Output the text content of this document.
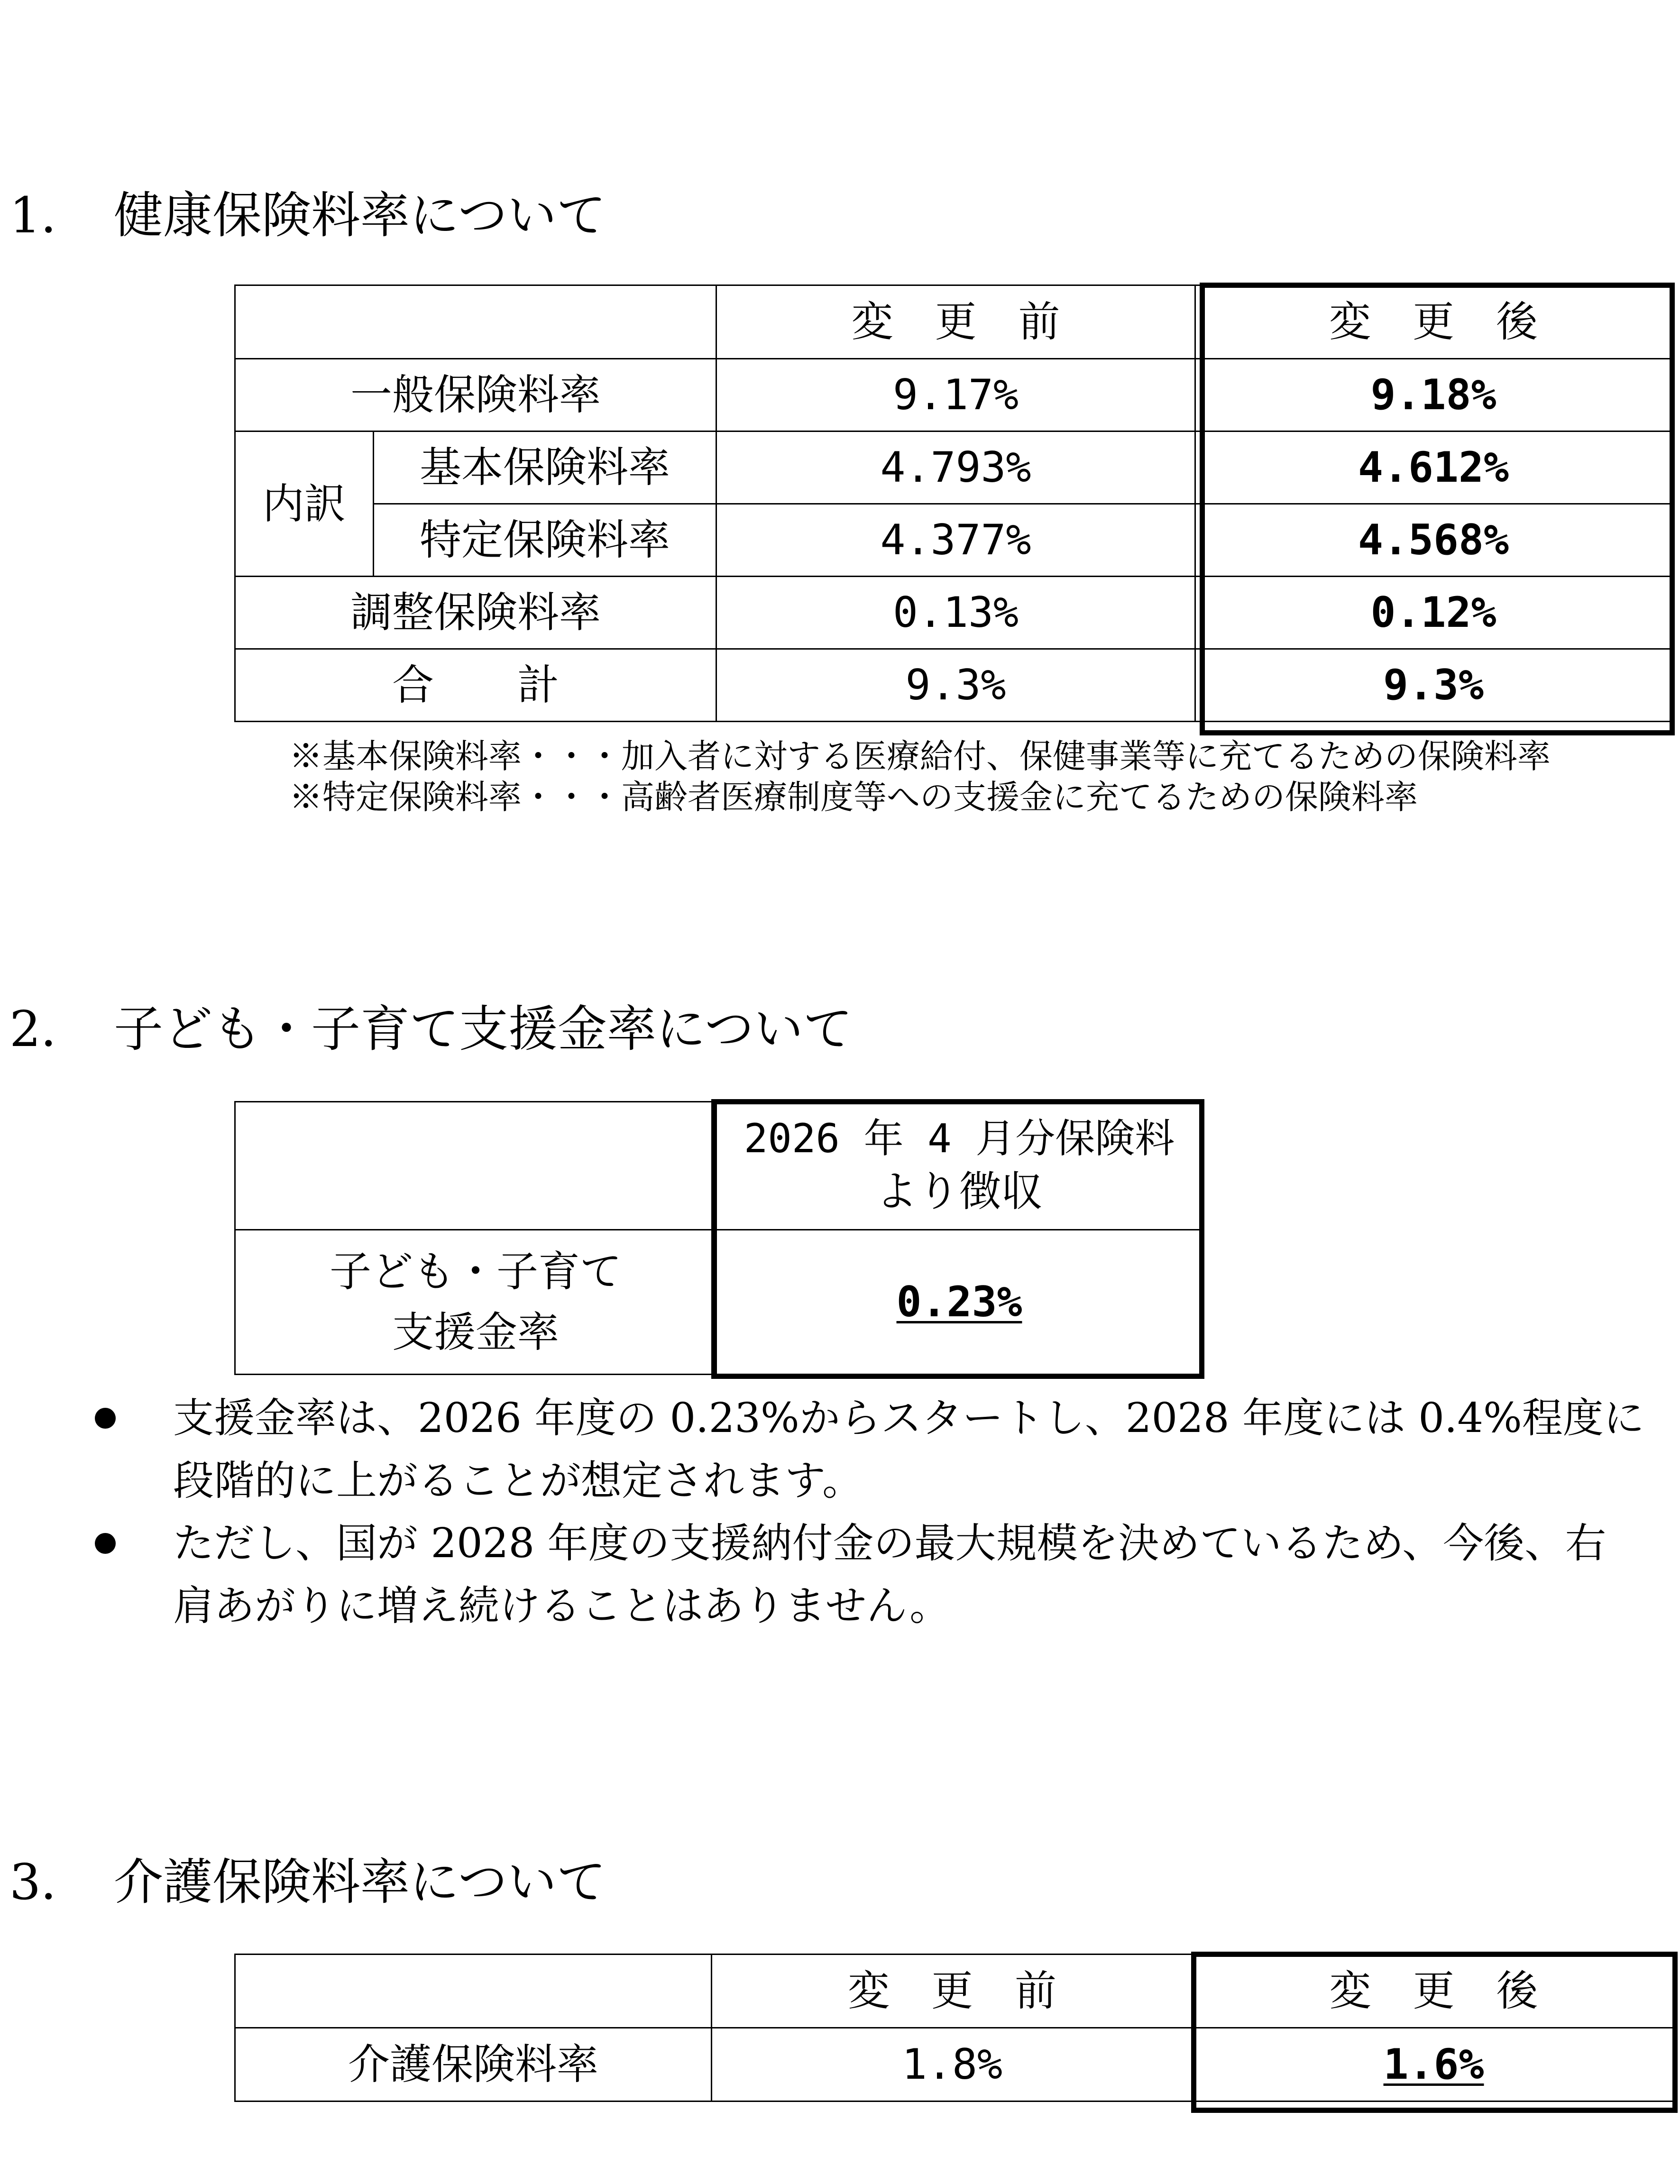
1． 健康保険料率について
		変　更　前	変　更　後
一般保険料率		9.17%	9.18%
内訳	基本保険料率	4.793%	4.612%
	特定保険料率	4.377%	4.568%
調整保険料率		0.13%	0.12%
合　　計		9.3%	9.3%
※基本保険料率・・・加入者に対する医療給付、保健事業等に充てるための保険料率
※特定保険料率・・・高齢者医療制度等への支援金に充てるための保険料率
2． 子ども・子育て支援金率について

	2026 年 4 月分保険料
より徴収

子ども・子育て
支援金率	0.23%
支援金率は、2026 年度の 0.23%からスタートし、2028 年度には 0.4%程度に
段階的に上がることが想定されます。
ただし、国が 2028 年度の支援納付金の最大規模を決めているため、今後、右
肩あがりに増え続けることはありません。
3． 介護保険料率について
	変　更　前	変　更　後
介護保険料率	1.8%	1.6%
